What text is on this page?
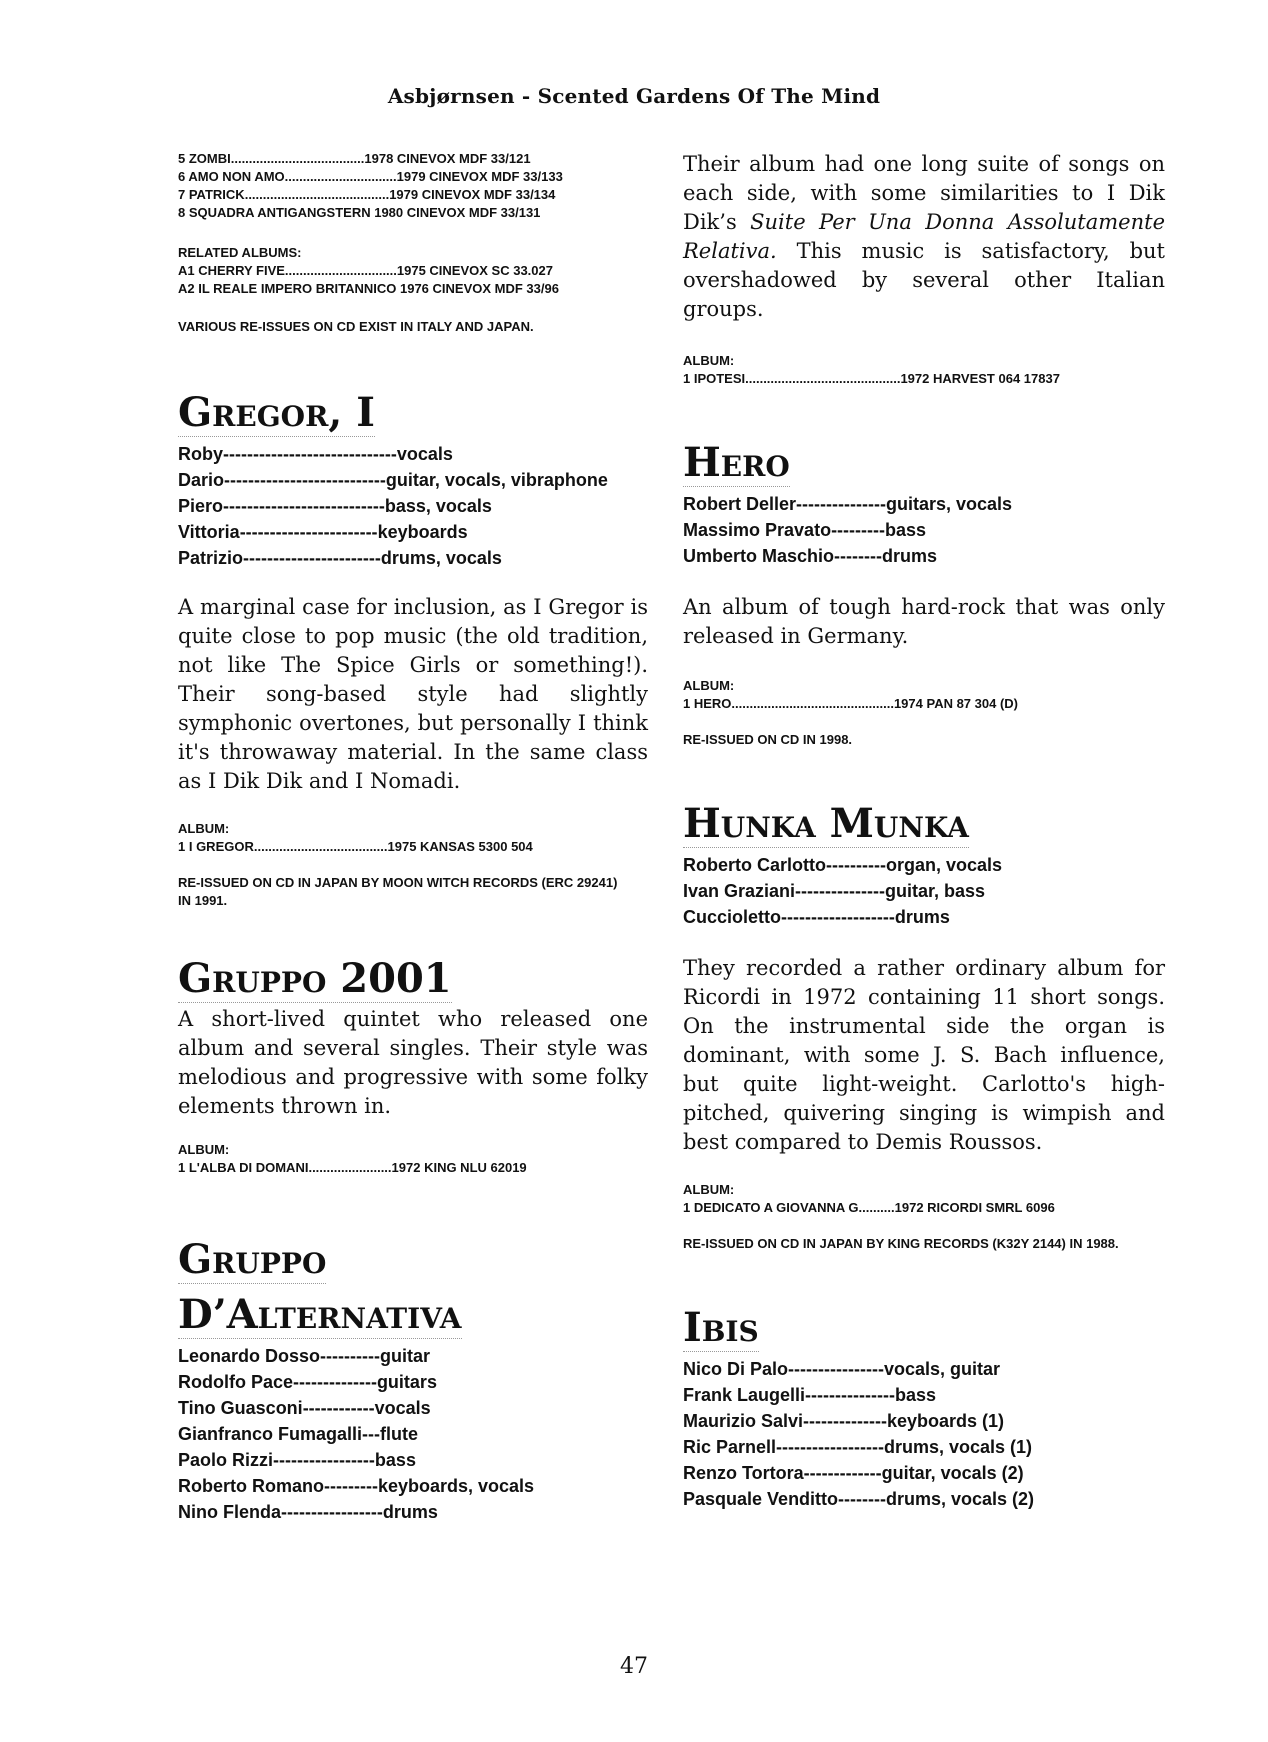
Asbjørnsen - Scented Gardens Of The Mind
5 ZOMBI ..................................... 1978 CINEVOX MDF 33/121
6 AMO NON AMO ............................... 1979 CINEVOX MDF 33/133
7 PATRICK ........................................ 1979 CINEVOX MDF 33/134
8 SQUADRA ANTIGANGSTERN 1980 CINEVOX MDF 33/131
RELATED ALBUMS:
A1 CHERRY FIVE ............................... 1975 CINEVOX SC 33.027
A2 IL REALE IMPERO BRITANNICO 1976 CINEVOX MDF 33/96
VARIOUS RE-ISSUES ON CD EXIST IN ITALY AND JAPAN.
Gregor, I
Roby ----------------------------- vocals
Dario --------------------------- guitar, vocals, vibraphone
Piero --------------------------- bass, vocals
Vittoria ----------------------- keyboards
Patrizio ----------------------- drums, vocals

A marginal case for inclusion, as I Gregor is quite close to pop music (the old tradition, not like The Spice Girls or something!). Their song-based style had slightly symphonic overtones, but personally I think it's throwaway material. In the same class as I Dik Dik and I Nomadi.

ALBUM:
1 I GREGOR ..................................... 1975 KANSAS 5300 504
RE-ISSUED ON CD IN JAPAN BY MOON WITCH RECORDS (ERC 29241)
IN 1991.
Gruppo 2001

A short-lived quintet who released one album and several singles. Their style was melodious and progressive with some folky elements thrown in.

ALBUM:
1 L'ALBA DI DOMANI ....................... 1972 KING NLU 62019
Gruppo
D’Alternativa
Leonardo Dosso ---------- guitar
Rodolfo Pace -------------- guitars
Tino Guasconi ------------ vocals
Gianfranco Fumagalli --- flute
Paolo Rizzi ----------------- bass
Roberto Romano --------- keyboards, vocals
Nino Flenda ----------------- drums

Their album had one long suite of songs on each side, with some similarities to I Dik Dik’s Suite Per Una Donna Assolutamente Relativa. This music is satisfactory, but overshadowed by several other Italian groups.

ALBUM:
1 IPOTESI ........................................... 1972 HARVEST 064 17837
Hero
Robert Deller --------------- guitars, vocals
Massimo Pravato --------- bass
Umberto Maschio -------- drums

An album of tough hard-rock that was only released in Germany.

ALBUM:
1 HERO ............................................. 1974 PAN 87 304 (D)
RE-ISSUED ON CD IN 1998.
Hunka Munka
Roberto Carlotto ---------- organ, vocals
Ivan Graziani --------------- guitar, bass
Cuccioletto ------------------- drums

They recorded a rather ordinary album for Ricordi in 1972 containing 11 short songs. On the instrumental side the organ is dominant, with some J. S. Bach influence, but quite light-weight. Carlotto's high-pitched, quivering singing is wimpish and best compared to Demis Roussos.

ALBUM:
1 DEDICATO A GIOVANNA G .......... 1972 RICORDI SMRL 6096
RE-ISSUED ON CD IN JAPAN BY KING RECORDS (K32Y 2144) IN 1988.
Ibis
Nico Di Palo ---------------- vocals, guitar
Frank Laugelli --------------- bass
Maurizio Salvi -------------- keyboards (1)
Ric Parnell ------------------ drums, vocals (1)
Renzo Tortora ------------- guitar, vocals (2)
Pasquale Venditto -------- drums, vocals (2)
47
